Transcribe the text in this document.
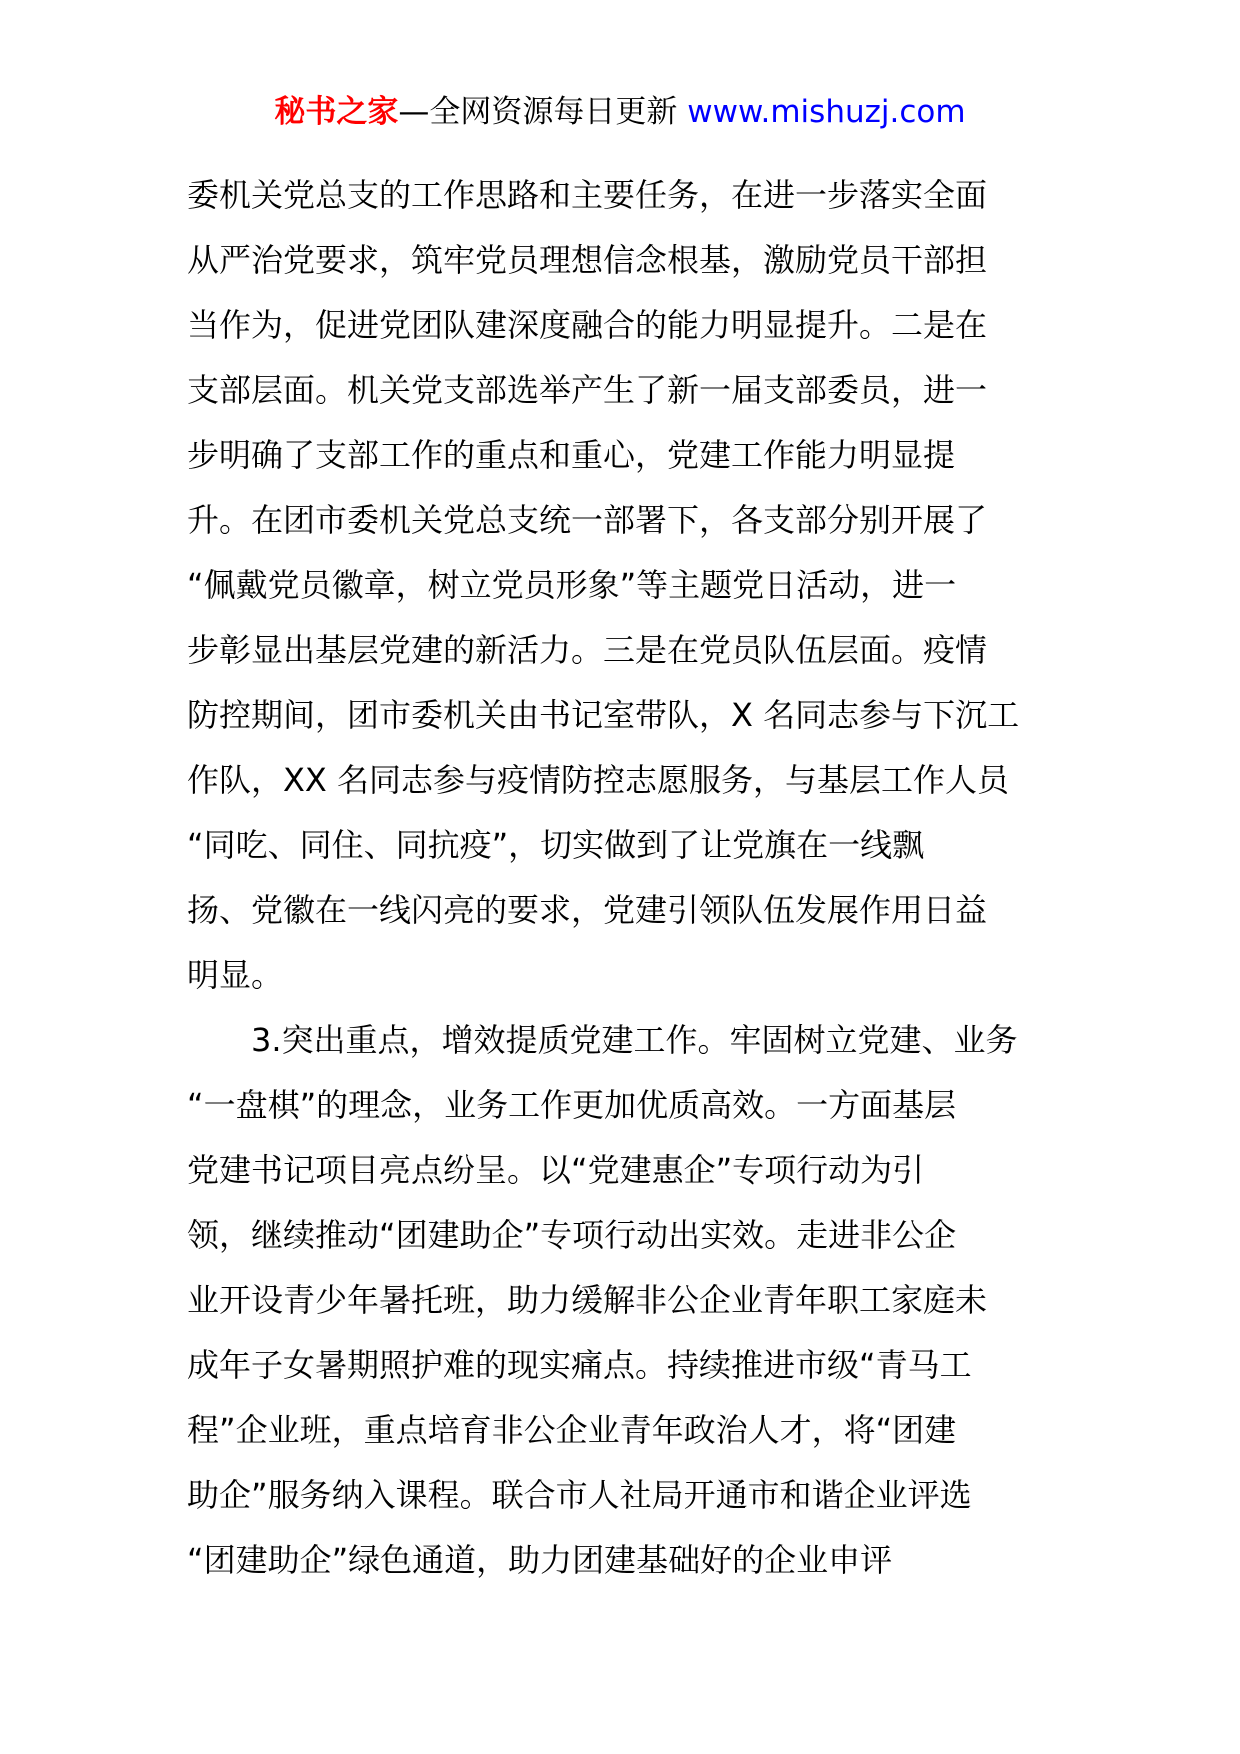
秘书之家—全网资源每日更新 www.mishuzj.com
委机关党总支的工作思路和主要任务，在进一步落实全面
从严治党要求，筑牢党员理想信念根基，激励党员干部担
当作为，促进党团队建深度融合的能力明显提升。二是在
支部层面。机关党支部选举产生了新一届支部委员，进一
步明确了支部工作的重点和重心，党建工作能力明显提
升。在团市委机关党总支统一部署下，各支部分别开展了
“佩戴党员徽章，树立党员形象”等主题党日活动，进一
步彰显出基层党建的新活力。三是在党员队伍层面。疫情
防控期间，团市委机关由书记室带队，X 名同志参与下沉工
作队，XX 名同志参与疫情防控志愿服务，与基层工作人员
“同吃、同住、同抗疫”，切实做到了让党旗在一线飘
扬、党徽在一线闪亮的要求，党建引领队伍发展作用日益
明显。
　　3.突出重点，增效提质党建工作。牢固树立党建、业务
“一盘棋”的理念，业务工作更加优质高效。一方面基层
党建书记项目亮点纷呈。以“党建惠企”专项行动为引
领，继续推动“团建助企”专项行动出实效。走进非公企
业开设青少年暑托班，助力缓解非公企业青年职工家庭未
成年子女暑期照护难的现实痛点。持续推进市级“青马工
程”企业班，重点培育非公企业青年政治人才，将“团建
助企”服务纳入课程。联合市人社局开通市和谐企业评选
“团建助企”绿色通道，助力团建基础好的企业申评
